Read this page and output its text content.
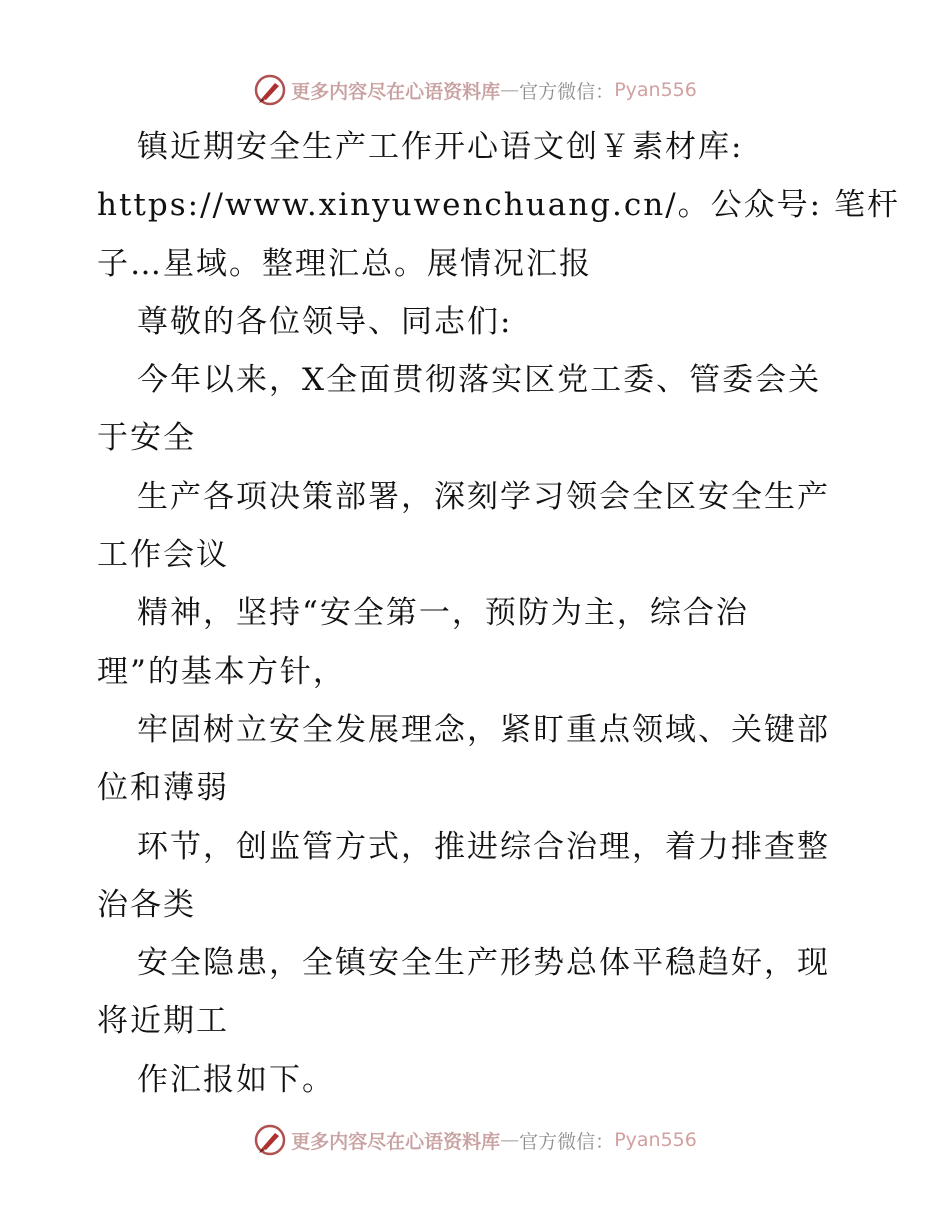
更多内容尽在心语资料库 — 官方微信： Pyan556

镇近期安全生产工作开心语文创￥素材库:
https://www.xinyuwenchuang.cn/。公众号: 笔杆
子…星域。整理汇总。展情况汇报

尊敬的各位领导、同志们:

今年以来，X全面贯彻落实区党工委、管委会关
于安全

生产各项决策部署，深刻学习领会全区安全生产
工作会议

精神，坚持“安全第一，预防为主，综合治
理”的基本方针，

牢固树立安全发展理念，紧盯重点领域、关键部
位和薄弱

环节，创监管方式，推进综合治理，着力排查整
治各类

安全隐患，全镇安全生产形势总体平稳趋好，现
将近期工

作汇报如下。

更多内容尽在心语资料库 — 官方微信： Pyan556
